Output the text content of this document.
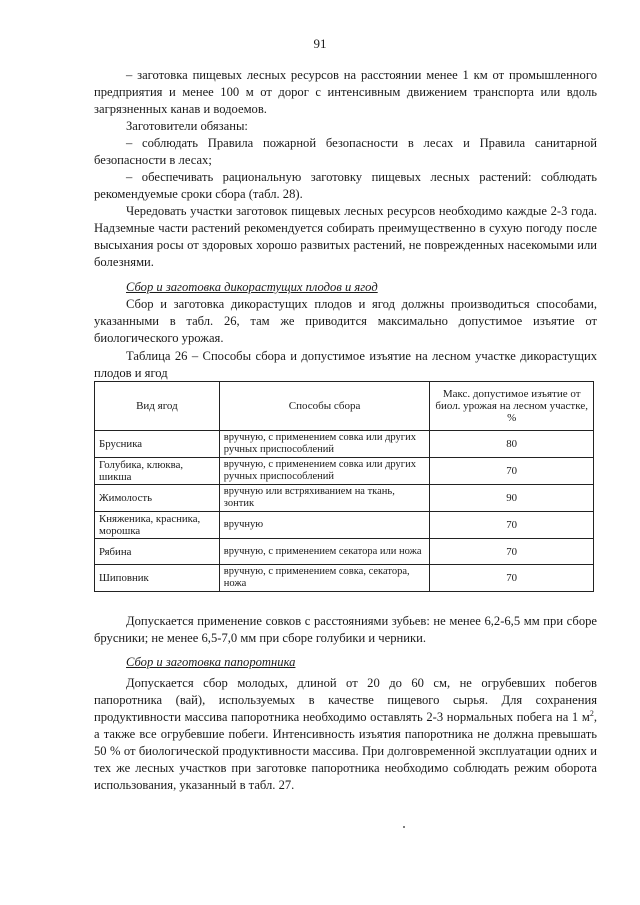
91

– заготовка пищевых лесных ресурсов на расстоянии менее 1 км от промышленного предприятия и менее 100 м от дорог с интенсивным движением транспорта или вдоль загрязненных канав и водоемов.

Заготовители обязаны:

– соблюдать Правила пожарной безопасности в лесах и Правила санитарной безопасности в лесах;

– обеспечивать рациональную заготовку пищевых лесных растений: соблюдать рекомендуемые сроки сбора (табл. 28).

Чередовать участки заготовок пищевых лесных ресурсов необходимо каждые 2-3 года. Надземные части растений рекомендуется собирать преимущественно в сухую погоду после высыхания росы от здоровых хорошо развитых растений, не поврежденных насекомыми или болезнями.

Сбор и заготовка дикорастущих плодов и ягод

Сбор и заготовка дикорастущих плодов и ягод должны производиться способами, указанными в табл. 26, там же приводится максимально допустимое изъятие от биологического урожая.

Таблица 26 – Способы сбора и допустимое изъятие на лесном участке дикорастущих плодов и ягод

Вид ягод	Способы сбора	Макс. допустимое изъятие от биол. урожая на лесном участке, %
Брусника	вручную, с применением совка или других ручных приспособлений	80
Голубика, клюква, шикша	вручную, с применением совка или других ручных приспособлений	70
Жимолость	вручную или встряхиванием на ткань, зонтик	90
Княженика, красника, морошка	вручную	70
Рябина	вручную, с применением секатора или ножа	70
Шиповник	вручную, с применением совка, секатора, ножа	70

Допускается применение совков с расстояниями зубьев: не менее 6,2-6,5 мм при сборе брусники; не менее 6,5-7,0 мм при сборе голубики и черники.

Сбор и заготовка папоротника

Допускается сбор молодых, длиной от 20 до 60 см, не огрубевших побегов папоротника (вай), используемых в качестве пищевого сырья. Для сохранения продуктивности массива папоротника необходимо оставлять 2-3 нормальных побега на 1 $м^2$, а также все огрубевшие побеги. Интенсивность изъятия папоротника не должна превышать 50 % от биологической продуктивности массива. При долговременной эксплуатации одних и тех же лесных участков при заготовке папоротника необходимо соблюдать режим оборота использования, указанный в табл. 27.
